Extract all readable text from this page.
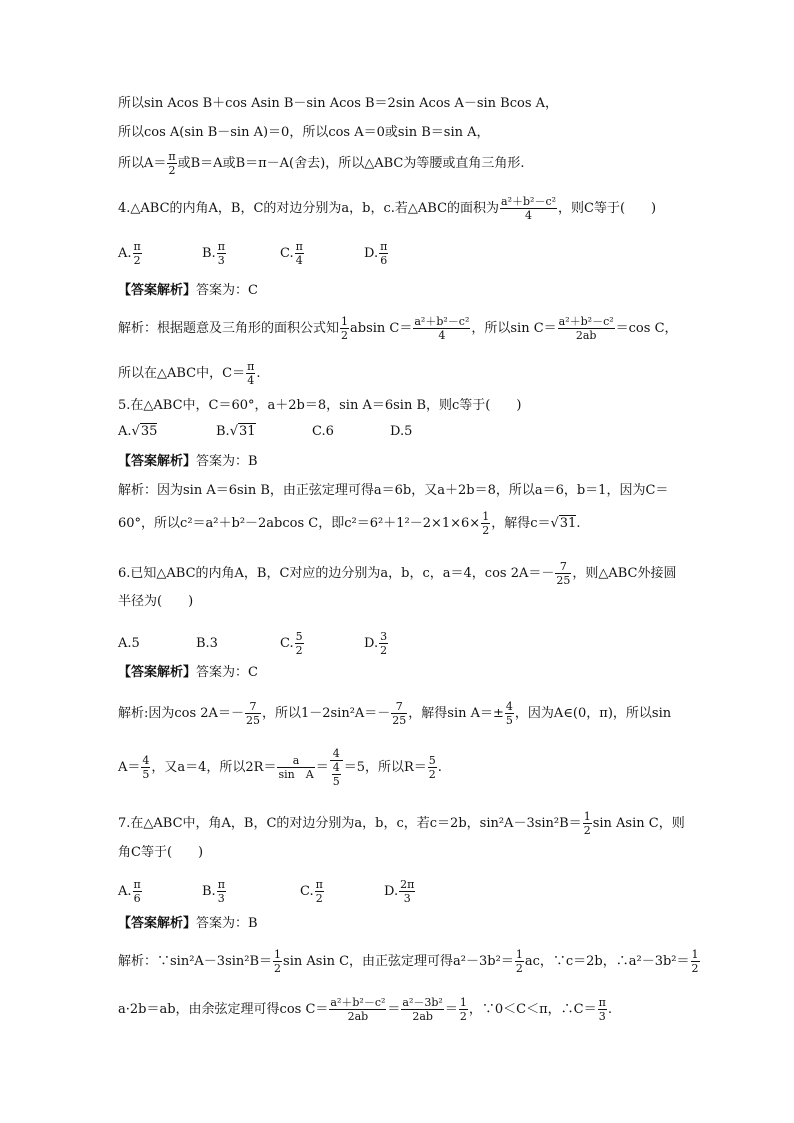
所以sin Acos B＋cos Asin B－sin Acos B＝2sin Acos A－sin Bcos A，
所以cos A(sin B－sin A)＝0，所以cos A＝0或sin B＝sin A，
所以$A= \frac{\pi}{2}$ 或B＝A或B＝π－A(舍去)，所以△ABC为等腰或直角三角形.
4.△ABC的内角A，B，C的对边分别为a，b，c.若△ABC的面积为 $\frac{\text{a²＋b²－c²}}{4}$ ，则C等于(　　)
A. $\frac{\pi}{2}$	B. $\frac{\pi}{3}$	C. $\frac{\pi}{4}$	D. $\frac{\pi}{6}$
【答案解析】答案为：C
解析：根据题意及三角形的面积公式知 $\frac{1}{2}$ absin $C= \frac{\text{a²＋b²－c²}}{4}$ ，所以$\sin C= \frac{\text{a²＋b²－c²}}{2ab} =\cos$ C，
所以在△ABC中，$C= \frac{\pi}{4}$ .
5.在△ABC中，C＝60°，a＋2b＝8，sin A＝6sin B，则c等于(　　)
A.√35	B.√31	C.6	D.5
【答案解析】答案为：B
解析：因为sin A＝6sin B，由正弦定理可得a＝6b，又a＋2b＝8，所以a＝6，b＝1，因为C＝
60°，所以c²＝a²＋b²－2abcos C，即$c^2=6^2+1^2-2\times 1\times 6\times \frac{1}{2}$ ，解得c＝√31.
6.已知△ABC的内角A，B，C对应的边分别为a，b，c，a＝4，$\cos 2A=- \frac{7}{25}$ ，则△ABC外接圆
半径为(　　)
A.5	B.3	C. $\frac{5}{2}$	D. $\frac{3}{2}$
【答案解析】答案为：C
解析:因为$\cos 2A=- \frac{7}{25}$ ，所以$1-2\sin^2A=- \frac{7}{25}$ ，解得$\sin A=\pm \frac{4}{5}$ ，因为A∈(0，π)，所以sin
$A= \frac{4}{5}$ ，又a＝4，所以$2R= \frac{a}{\text{sin　A}} = \frac{4}{\frac{4}{5}} =5$，所以$R= \frac{5}{2}$ .
7.在△ABC中，角A，B，C的对边分别为a，b，c，若c＝2b，$\sin^2A-3\sin^2B= \frac{1}{2}$ sin Asin C，则
角C等于(　　)
A. $\frac{\pi}{6}$	B. $\frac{\pi}{3}$	C. $\frac{\pi}{2}$	D. $\frac{2\pi}{3}$
【答案解析】答案为：B
解析：∵sin²A－3sin²B＝ $\frac{1}{2}$ sin Asin C，由正弦定理可得$a^2-3b^2= \frac{1}{2}$ ac，∵c＝2b，∴a²－3b²＝ $\frac{1}{2}$
a·2b＝ab，由余弦定理可得$\cos C= \frac{\text{a²＋b²－c²}}{2ab} = \frac{\text{a²－3b²}}{2ab} = \frac{1}{2}$ ，∵0＜C＜π，∴C＝ $\frac{\pi}{3}$ .
